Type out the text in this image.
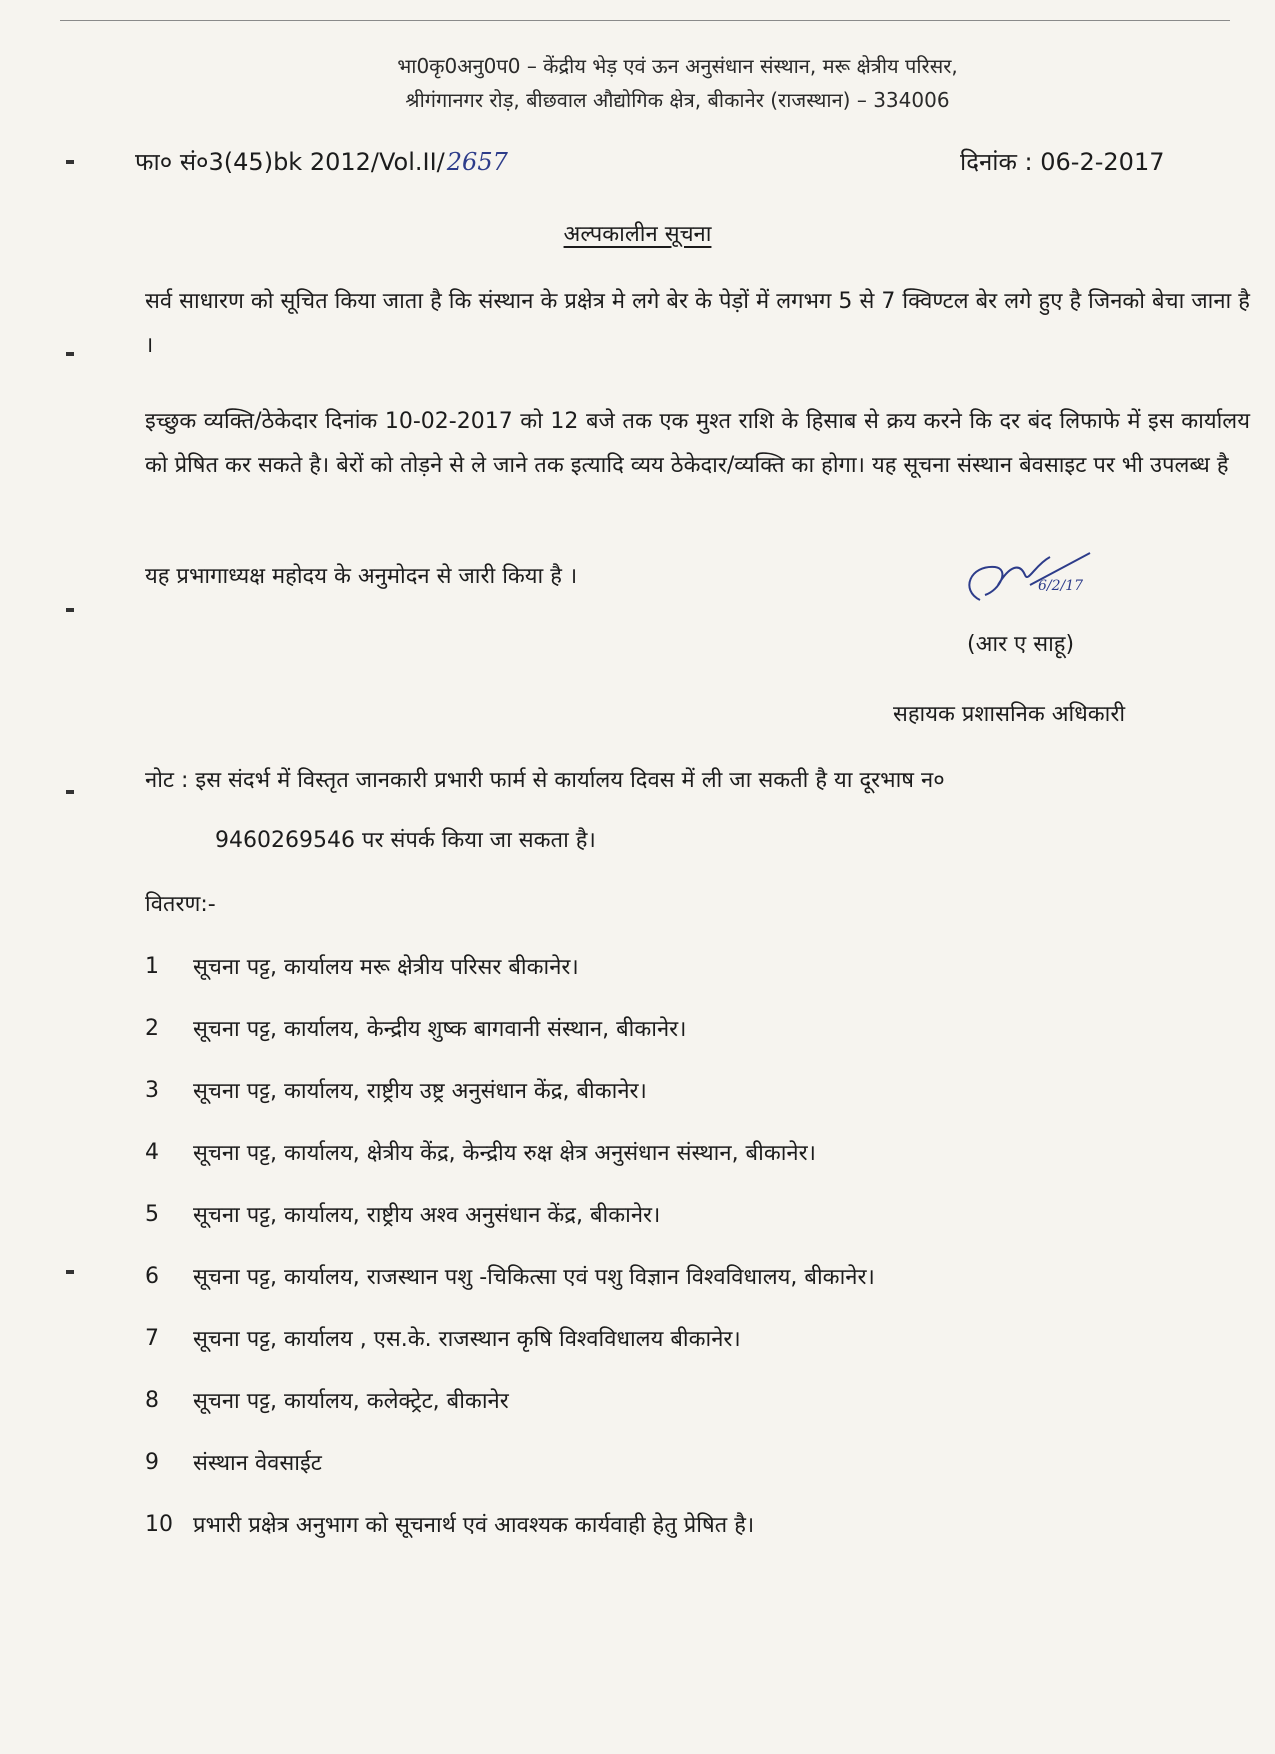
भा0कृ0अनु0प0 – केंद्रीय भेड़ एवं ऊन अनुसंधान संस्थान, मरू क्षेत्रीय परिसर,
श्रीगंगानगर रोड़, बीछवाल औद्योगिक क्षेत्र, बीकानेर (राजस्थान) – 334006
फा० सं०3(45)bk 2012/Vol.II/2657	दिनांक : 06-2-2017
अल्पकालीन सूचना
सर्व साधारण को सूचित किया जाता है कि संस्थान के प्रक्षेत्र मे लगे बेर के पेड़ों में लगभग 5 से 7 क्विण्टल बेर लगे हुए है जिनको बेचा जाना है ।
इच्छुक व्यक्ति/ठेकेदार दिनांक 10-02-2017 को 12 बजे तक एक मुश्त राशि के हिसाब से क्रय करने कि दर बंद लिफाफे में इस कार्यालय को प्रेषित कर सकते है। बेरों को तोड़ने से ले जाने तक इत्यादि व्यय ठेकेदार/व्यक्ति का होगा। यह सूचना संस्थान बेवसाइट पर भी उपलब्ध है
यह प्रभागाध्यक्ष महोदय के अनुमोदन से जारी किया है ।	6/2/17
(आर ए साहू)
सहायक प्रशासनिक अधिकारी
नोट : इस संदर्भ में विस्तृत जानकारी प्रभारी फार्म से कार्यालय दिवस में ली जा सकती है या दूरभाष न०
9460269546 पर संपर्क किया जा सकता है।
वितरण:-
1	सूचना पट्ट, कार्यालय मरू क्षेत्रीय परिसर बीकानेर।
2	सूचना पट्ट, कार्यालय, केन्द्रीय शुष्क बागवानी संस्थान, बीकानेर।
3	सूचना पट्ट, कार्यालय, राष्ट्रीय उष्ट्र अनुसंधान केंद्र, बीकानेर।
4	सूचना पट्ट, कार्यालय, क्षेत्रीय केंद्र, केन्द्रीय रुक्ष क्षेत्र अनुसंधान संस्थान, बीकानेर।
5	सूचना पट्ट, कार्यालय, राष्ट्रीय अश्व अनुसंधान केंद्र, बीकानेर।
6	सूचना पट्ट, कार्यालय, राजस्थान पशु -चिकित्सा एवं पशु विज्ञान विश्वविधालय, बीकानेर।
7	सूचना पट्ट, कार्यालय , एस.के. राजस्थान कृषि विश्वविधालय बीकानेर।
8	सूचना पट्ट, कार्यालय, कलेक्ट्रेट, बीकानेर
9	संस्थान वेवसाईट
10 प्रभारी प्रक्षेत्र अनुभाग को सूचनार्थ एवं आवश्यक कार्यवाही हेतु प्रेषित है।
